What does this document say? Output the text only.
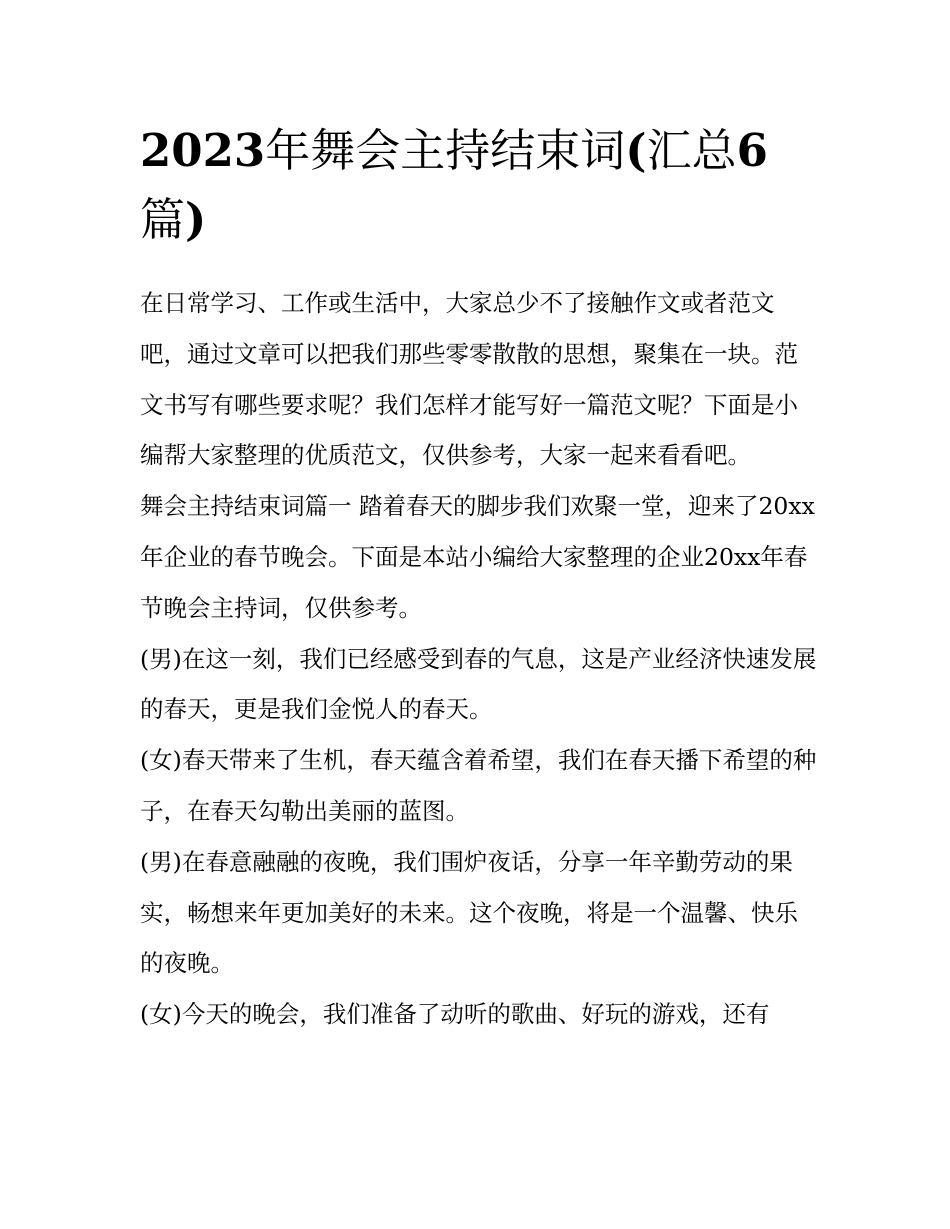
2023年舞会主持结束词(汇总6
篇)

在日常学习、工作或生活中，大家总少不了接触作文或者范文吧，通过文章可以把我们那些零零散散的思想，聚集在一块。范文书写有哪些要求呢？我们怎样才能写好一篇范文呢？下面是小编帮大家整理的优质范文，仅供参考，大家一起来看看吧。

舞会主持结束词篇一 踏着春天的脚步我们欢聚一堂，迎来了20xx年企业的春节晚会。下面是本站小编给大家整理的企业20xx年春节晚会主持词，仅供参考。

(男)在这一刻，我们已经感受到春的气息，这是产业经济快速发展的春天，更是我们金悦人的春天。

(女)春天带来了生机，春天蕴含着希望，我们在春天播下希望的种子，在春天勾勒出美丽的蓝图。

(男)在春意融融的夜晚，我们围炉夜话，分享一年辛勤劳动的果实，畅想来年更加美好的未来。这个夜晚，将是一个温馨、快乐的夜晚。

(女)今天的晚会，我们准备了动听的歌曲、好玩的游戏，还有
